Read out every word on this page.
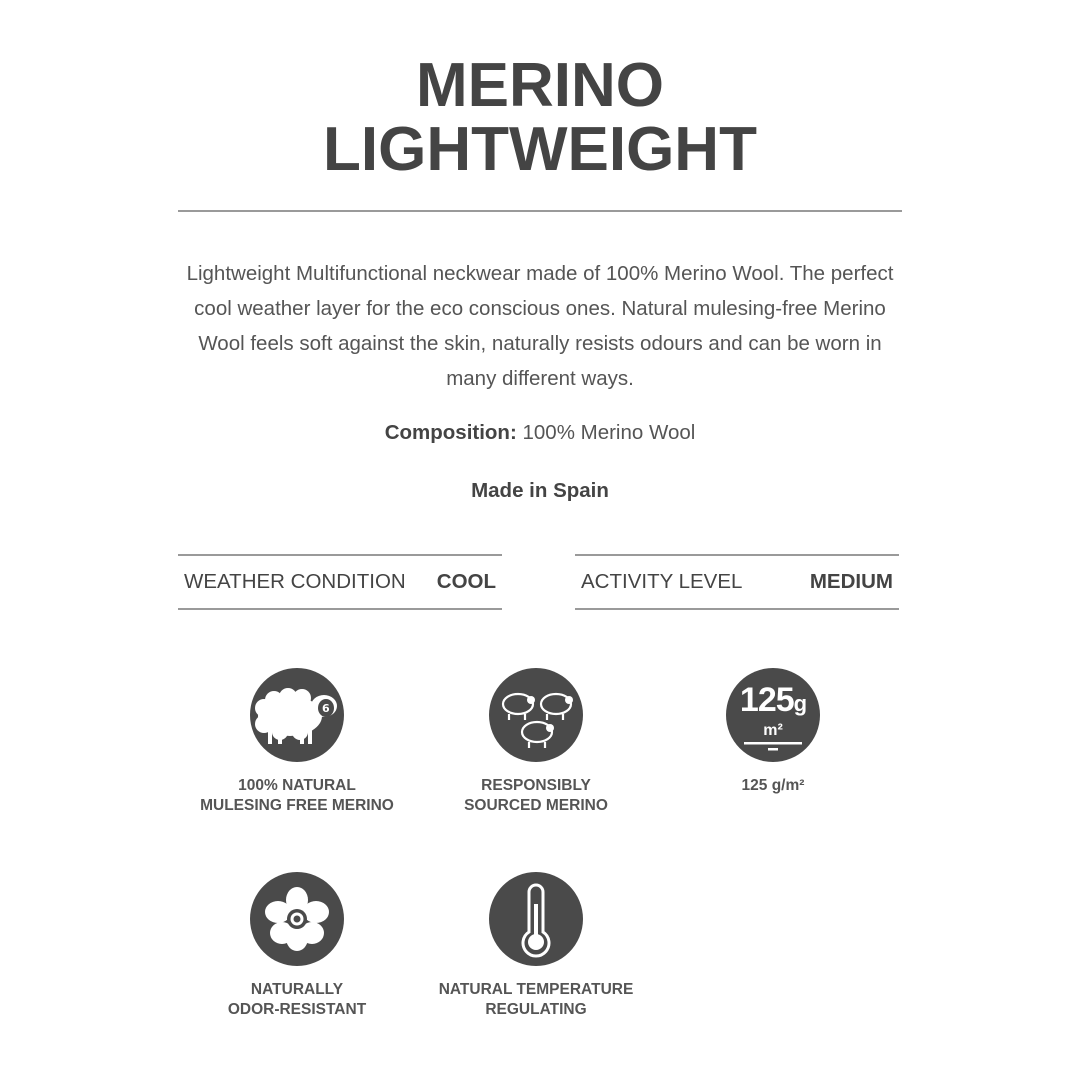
MERINO
LIGHTWEIGHT
Lightweight Multifunctional neckwear made of 100% Merino Wool. The perfect cool weather layer for the eco conscious ones. Natural mulesing-free Merino Wool feels soft against the skin, naturally resists odours and can be worn in many different ways.
Composition: 100% Merino Wool
Made in Spain
WEATHER CONDITION COOL	ACTIVITY LEVEL	MEDIUM
6
100% NATURAL
MULESING FREE MERINO
RESPONSIBLY
SOURCED MERINO
125g
m²
125 g/m²
NATURALLY
ODOR-RESISTANT
NATURAL TEMPERATURE
REGULATING
